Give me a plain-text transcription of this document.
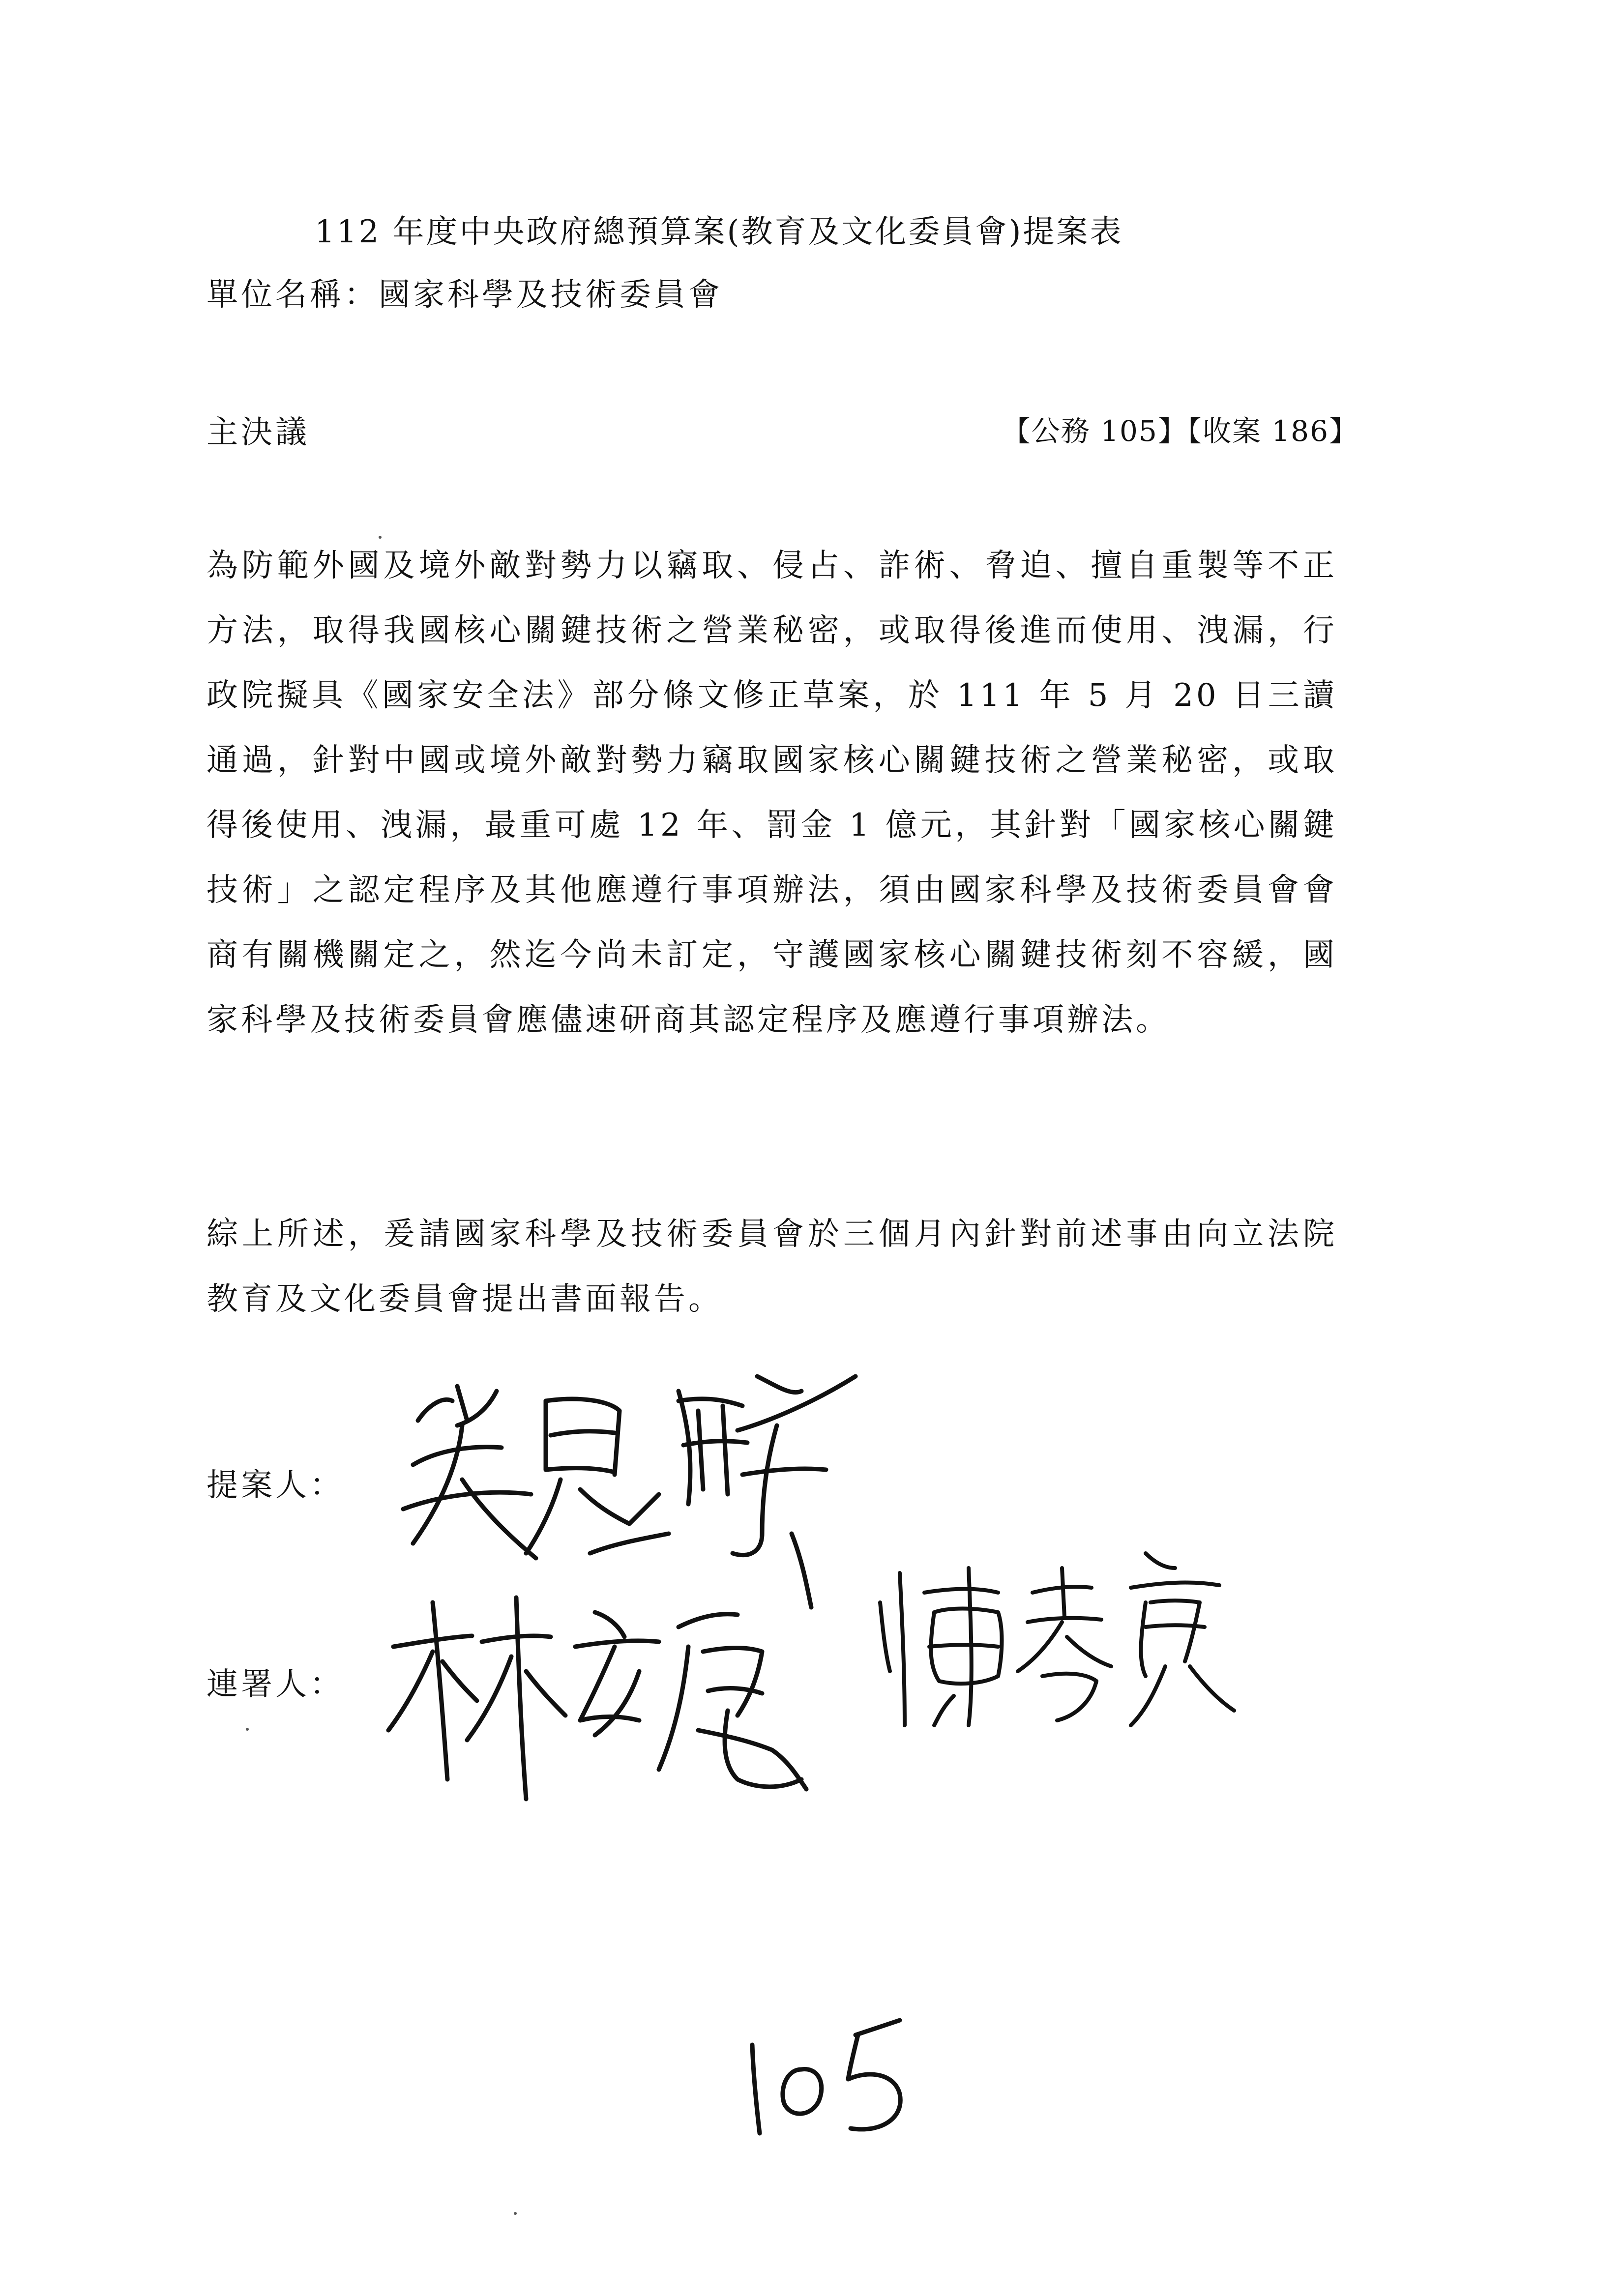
112 年度中央政府總預算案(教育及文化委員會)提案表
單位名稱：國家科學及技術委員會
主決議	【公務 105】【收案 186】
為防範外國及境外敵對勢力以竊取、侵占、詐術、脅迫、擅自重製等不正方法，取得我國核心關鍵技術之營業秘密，或取得後進而使用、洩漏，行政院擬具《國家安全法》部分條文修正草案，於 111 年 5 月 20 日三讀通過，針對中國或境外敵對勢力竊取國家核心關鍵技術之營業秘密，或取得後使用、洩漏，最重可處 12 年、罰金 1 億元，其針對「國家核心關鍵技術」之認定程序及其他應遵行事項辦法，須由國家科學及技術委員會會商有關機關定之，然迄今尚未訂定，守護國家核心關鍵技術刻不容緩，國家科學及技術委員會應儘速研商其認定程序及應遵行事項辦法。
綜上所述，爰請國家科學及技術委員會於三個月內針對前述事由向立法院教育及文化委員會提出書面報告。
提案人：
連署人：
